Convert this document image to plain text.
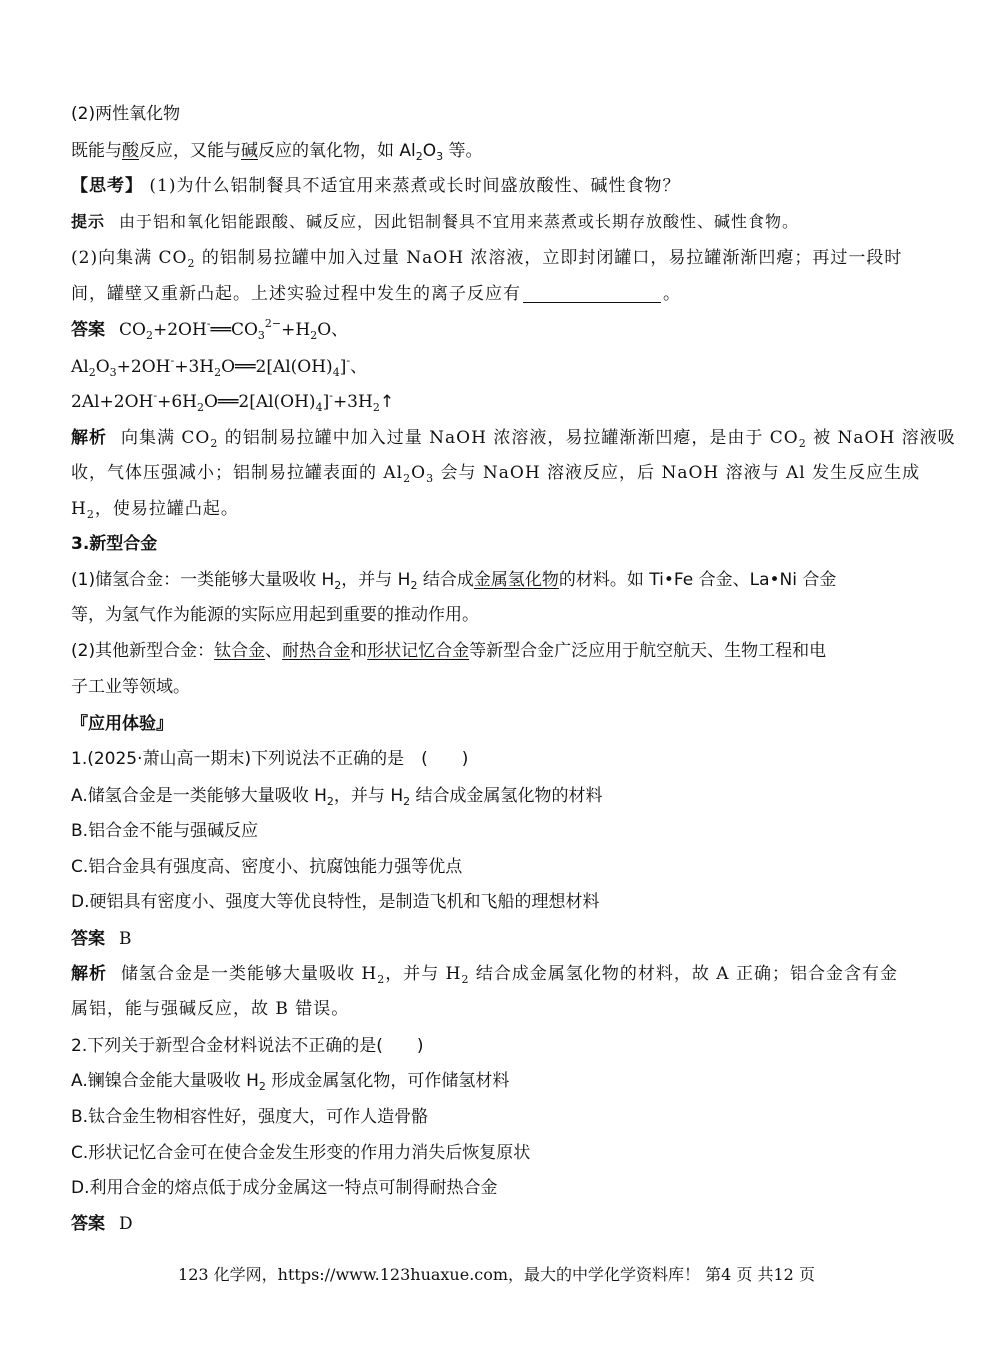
(2)两性氧化物
既能与酸反应，又能与碱反应的氧化物，如 $Al_2O_3$ 等。
【思考】 (1)为什么铝制餐具不适宜用来蒸煮或长时间盛放酸性、碱性食物？
提示 由于铝和氧化铝能跟酸、碱反应，因此铝制餐具不宜用来蒸煮或长期存放酸性、碱性食物。
(2)向集满 $CO_2$ 的铝制易拉罐中加入过量 NaOH 浓溶液，立即封闭罐口，易拉罐渐渐凹瘪；再过一段时
间，罐壁又重新凸起。上述实验过程中发生的离子反应有	。
答案 $CO_2+2OH^-══CO_3^{2-}+H_2O$、
$Al_2O_3+2OH^-+3H_2O══2[Al(OH)_4]^-$、
$2Al+2OH^-+6H_2O══2[Al(OH)_4]^-+3H_2↑$
解析 向集满 $CO_2$ 的铝制易拉罐中加入过量 NaOH 浓溶液，易拉罐渐渐凹瘪，是由于 $CO_2$ 被 NaOH 溶液吸
收，气体压强减小；铝制易拉罐表面的 $Al_2O_3$ 会与 NaOH 溶液反应，后 NaOH 溶液与 Al 发生反应生成
$H_2$，使易拉罐凸起。
3.新型合金
(1)储氢合金：一类能够大量吸收 $H_2$，并与 $H_2$ 结合成金属氢化物的材料。如 Ti•Fe 合金、La•Ni 合金
等，为氢气作为能源的实际应用起到重要的推动作用。
(2)其他新型合金：钛合金、耐热合金和形状记忆合金等新型合金广泛应用于航空航天、生物工程和电
子工业等领域。
『应用体验』
1.(2025·萧山高一期末)下列说法不正确的是　(　　)
A.储氢合金是一类能够大量吸收 $H_2$，并与 $H_2$ 结合成金属氢化物的材料
B.铝合金不能与强碱反应
C.铝合金具有强度高、密度小、抗腐蚀能力强等优点
D.硬铝具有密度小、强度大等优良特性，是制造飞机和飞船的理想材料
答案 B
解析 储氢合金是一类能够大量吸收 $H_2$，并与 $H_2$ 结合成金属氢化物的材料，故 A 正确；铝合金含有金
属铝，能与强碱反应，故 B 错误。
2.下列关于新型合金材料说法不正确的是(　　)
A.镧镍合金能大量吸收 $H_2$ 形成金属氢化物，可作储氢材料
B.钛合金生物相容性好，强度大，可作人造骨骼
C.形状记忆合金可在使合金发生形变的作用力消失后恢复原状
D.利用合金的熔点低于成分金属这一特点可制得耐热合金
答案 D
123 化学网，https://www.123huaxue.com，最大的中学化学资料库！ 第4 页 共12 页
